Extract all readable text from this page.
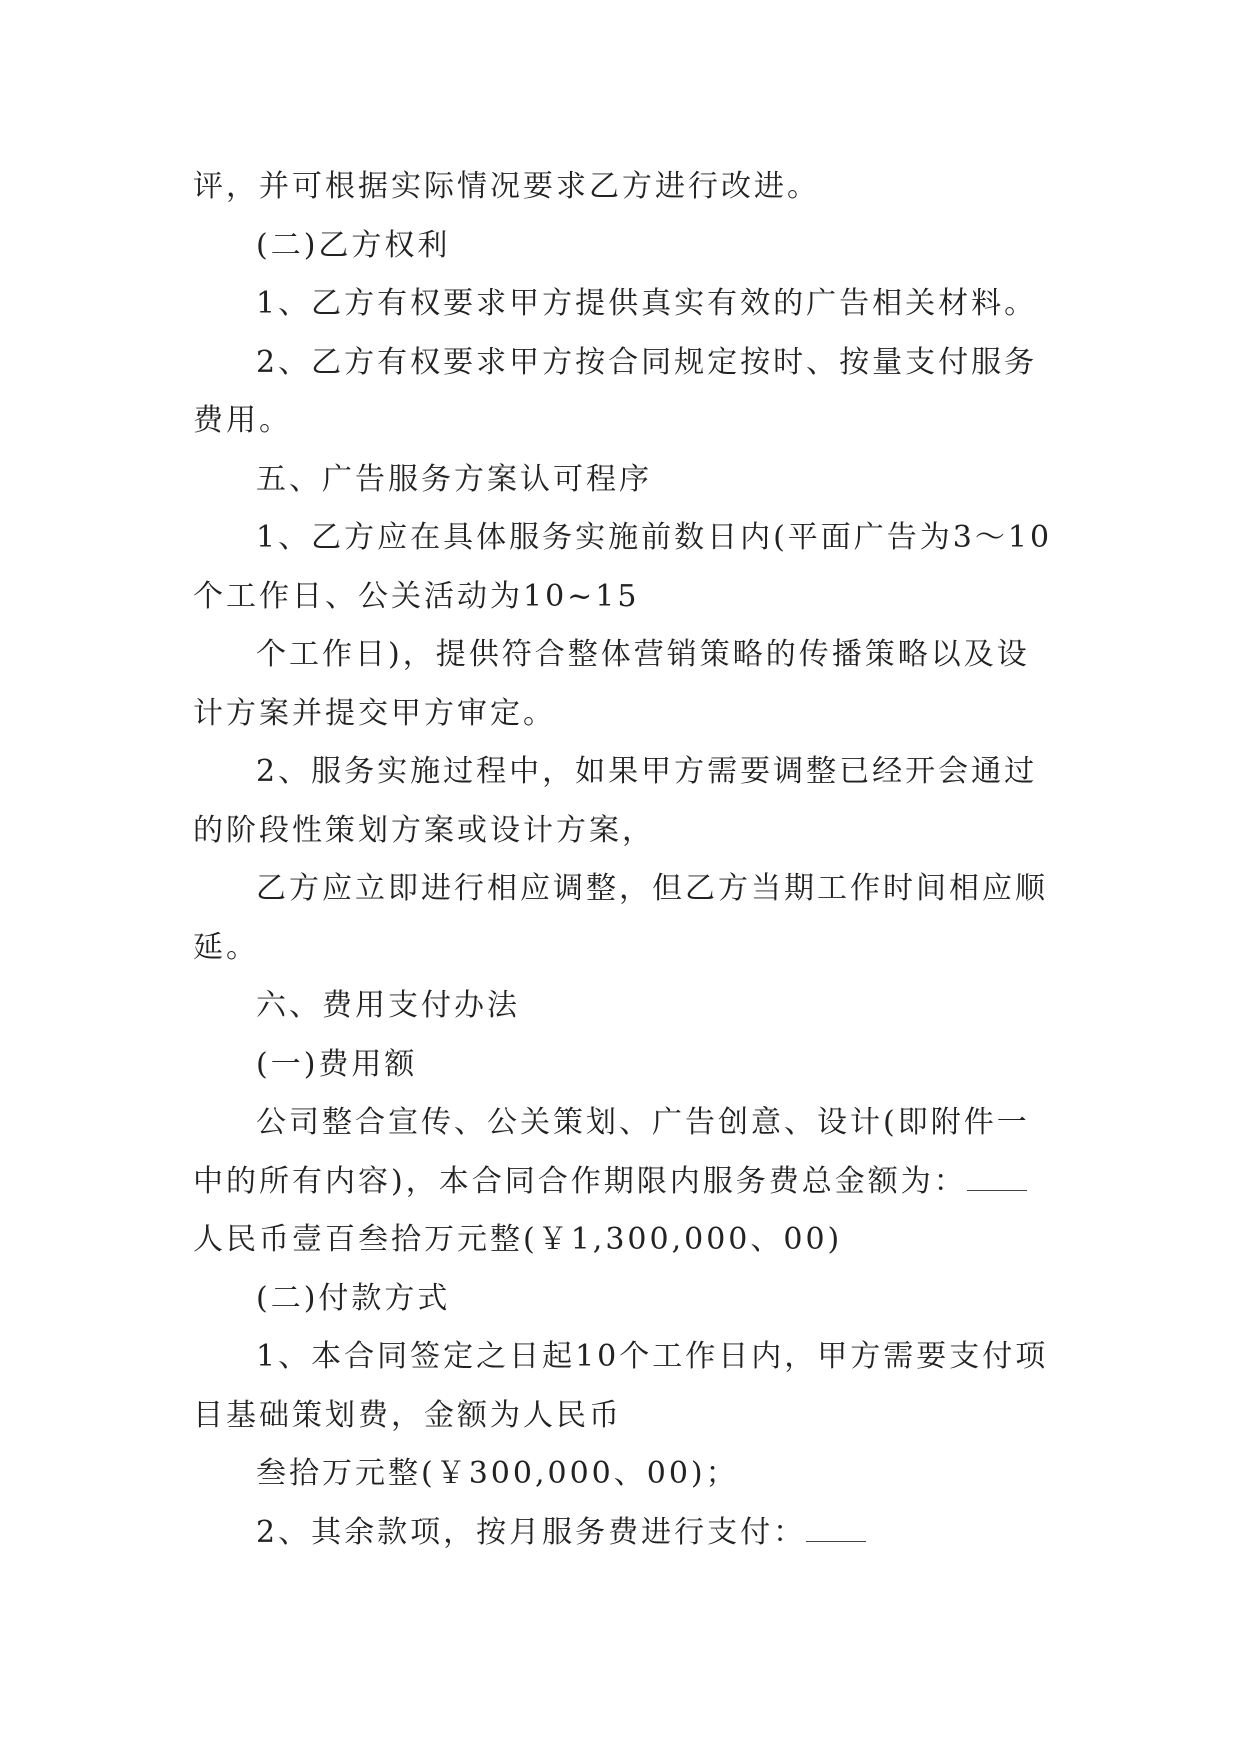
评，并可根据实际情况要求乙方进行改进。
(二)乙方权利
1、乙方有权要求甲方提供真实有效的广告相关材料。
2、乙方有权要求甲方按合同规定按时、按量支付服务
费用。
五、广告服务方案认可程序
1、乙方应在具体服务实施前数日内(平面广告为3～10
个工作日、公关活动为10~15
个工作日)，提供符合整体营销策略的传播策略以及设
计方案并提交甲方审定。
2、服务实施过程中，如果甲方需要调整已经开会通过
的阶段性策划方案或设计方案，
乙方应立即进行相应调整，但乙方当期工作时间相应顺
延。
六、费用支付办法
(一)费用额
公司整合宣传、公关策划、广告创意、设计(即附件一
中的所有内容)，本合同合作期限内服务费总金额为：
人民币壹百叁拾万元整(￥1,300,000、00)
(二)付款方式
1、本合同签定之日起10个工作日内，甲方需要支付项
目基础策划费，金额为人民币
叁拾万元整(￥300,000、00)；
2、其余款项，按月服务费进行支付：
